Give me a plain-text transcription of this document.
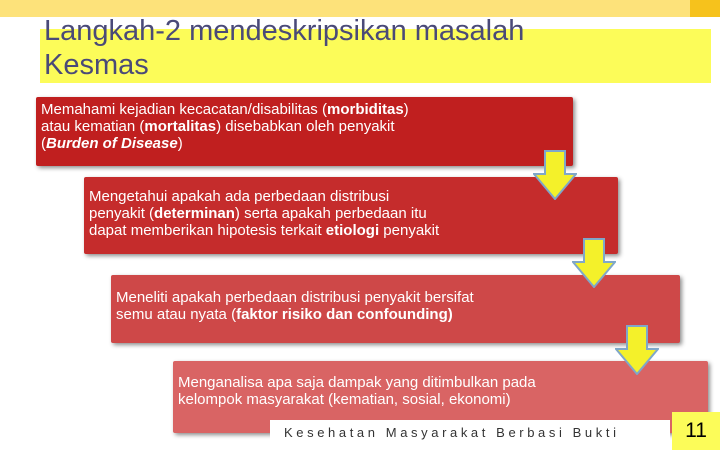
Langkah-2 mendeskripsikan masalah
Kesmas
Memahami kejadian kecacatan/disabilitas (morbiditas)
atau kematian (mortalitas) disebabkan oleh penyakit
(Burden of Disease)
Mengetahui apakah ada perbedaan distribusi
penyakit (determinan) serta apakah perbedaan itu
dapat memberikan hipotesis terkait etiologi penyakit
Meneliti apakah perbedaan distribusi penyakit bersifat
semu atau nyata (faktor risiko dan confounding)
Menganalisa apa saja dampak yang ditimbulkan pada
kelompok masyarakat (kematian, sosial, ekonomi)
Kesehatan Masyarakat Berbasi Bukti	11
